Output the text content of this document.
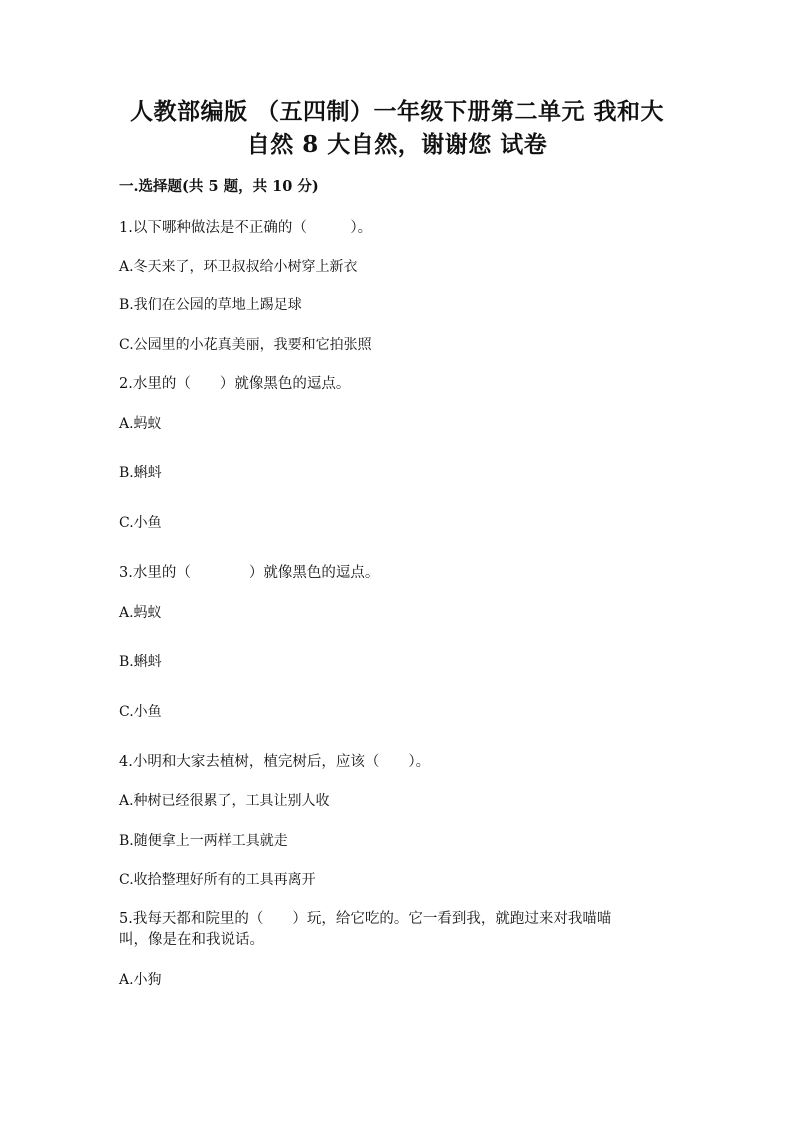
人教部编版 （五四制）一年级下册第二单元 我和大
自然 8 大自然，谢谢您 试卷
一.选择题(共 5 题，共 10 分)
1.以下哪种做法是不正确的（　　　）。
A.冬天来了，环卫叔叔给小树穿上新衣
B.我们在公园的草地上踢足球
C.公园里的小花真美丽，我要和它拍张照
2.水里的（　　）就像黑色的逗点。
A.蚂蚁
B.蝌蚪
C.小鱼
3.水里的（　　　　）就像黑色的逗点。
A.蚂蚁
B.蝌蚪
C.小鱼
4.小明和大家去植树，植完树后，应该（　　）。
A.种树已经很累了，工具让别人收
B.随便拿上一两样工具就走
C.收拾整理好所有的工具再离开
5.我每天都和院里的（　　）玩，给它吃的。它一看到我，就跑过来对我喵喵
叫，像是在和我说话。
A.小狗
